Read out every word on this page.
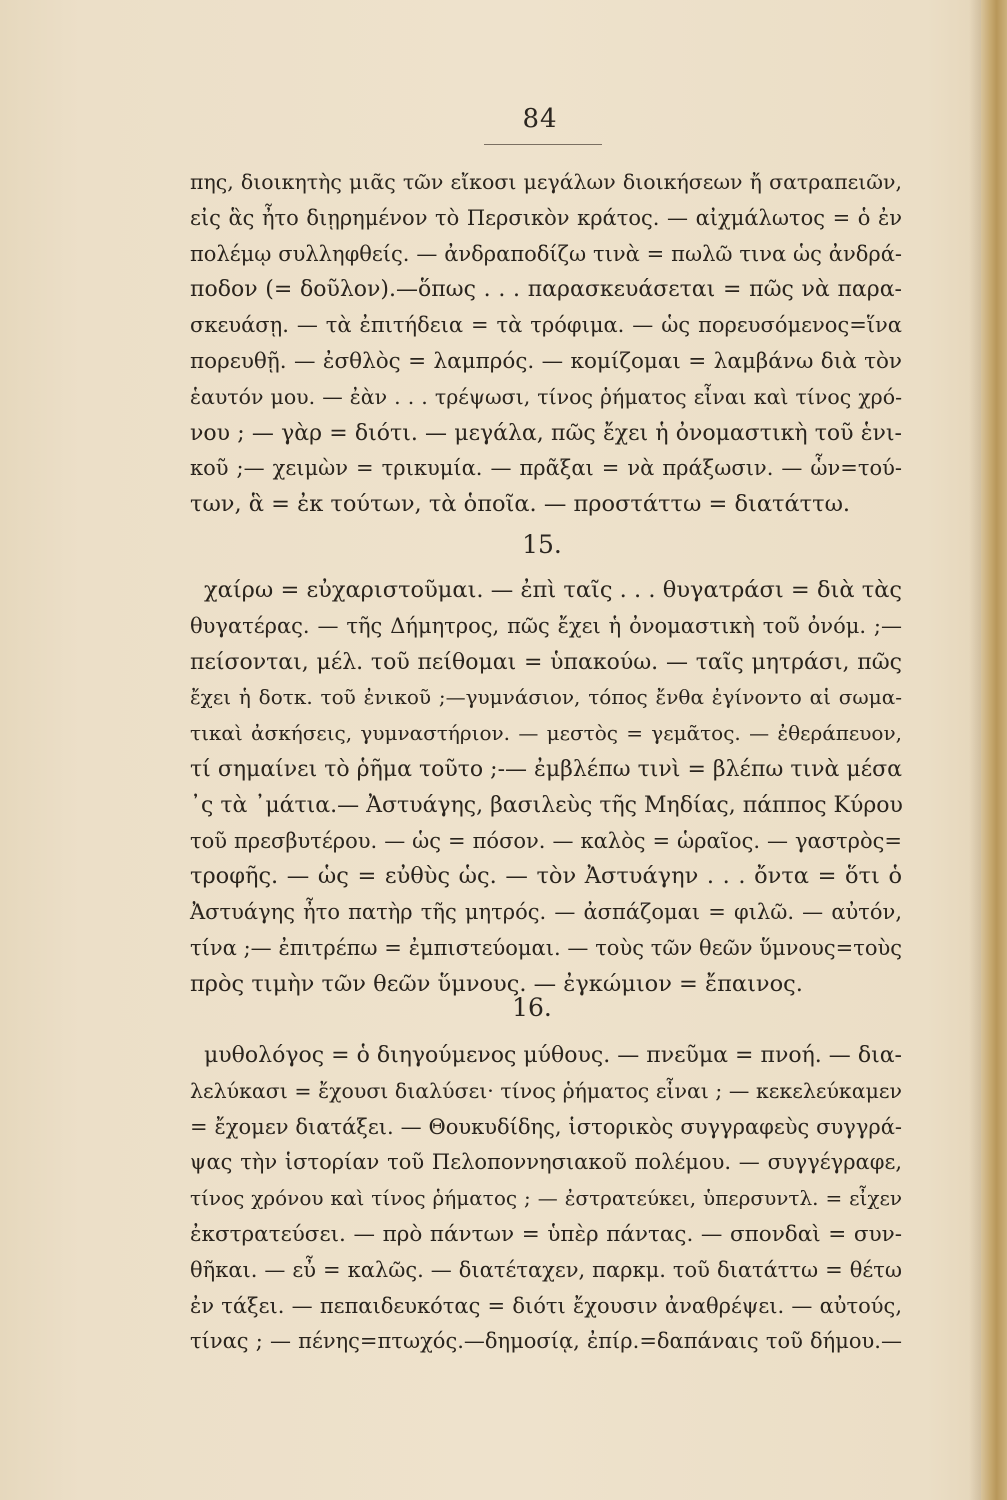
84
πης, διοικητὴς μιᾶς τῶν εἴκοσι μεγάλων διοικήσεων ἤ σατραπειῶν,
εἰς ἃς ἦτο διῃρημένον τὸ Περσικὸν κράτος. — αἰχμάλωτος = ὁ ἐν
πολέμῳ συλληφθείς. — ἀνδραποδίζω τινὰ = πωλῶ τινα ὡς ἀνδρά-
ποδον (= δοῦλον).—ὅπως . . . παρασκευάσεται = πῶς νὰ παρα-
σκευάσῃ. — τὰ ἐπιτήδεια = τὰ τρόφιμα. — ὡς πορευσόμενος=ἵνα
πορευθῇ. — ἐσθλὸς = λαμπρός. — κομίζομαι = λαμβάνω διὰ τὸν
ἑαυτόν μου. — ἐὰν . . . τρέψωσι, τίνος ῥήματος εἶναι καὶ τίνος χρό-
νου ; — γὰρ = διότι. — μεγάλα, πῶς ἔχει ἡ ὀνομαστικὴ τοῦ ἑνι-
κοῦ ;— χειμὼν = τρικυμία. — πρᾶξαι = νὰ πράξωσιν. — ὧν=τού-
των, ἃ = ἐκ τούτων, τὰ ὁποῖα. — προστάττω = διατάττω.
15.
χαίρω = εὐχαριστοῦμαι. — ἐπὶ ταῖς . . . θυγατράσι = διὰ τὰς
θυγατέρας. — τῆς Δήμητρος, πῶς ἔχει ἡ ὀνομαστικὴ τοῦ ὀνόμ. ;—
πείσονται, μέλ. τοῦ πείθομαι = ὑπακούω. — ταῖς μητράσι, πῶς
ἔχει ἡ δοτκ. τοῦ ἐνικοῦ ;—γυμνάσιον, τόπος ἔνθα ἐγίνοντο αἱ σωμα-
τικαὶ ἀσκήσεις, γυμναστήριον. — μεστὸς = γεμᾶτος. — ἐθεράπευον,
τί σημαίνει τὸ ῥῆμα τοῦτο ;-— ἐμβλέπω τινὶ = βλέπω τινὰ μέσα
᾽ς τὰ ᾽μάτια.— Ἀστυάγης, βασιλεὺς τῆς Μηδίας, πάππος Κύρου
τοῦ πρεσβυτέρου. — ὡς = πόσον. — καλὸς = ὡραῖος. — γαστρὸς=
τροφῆς. — ὡς = εὐθὺς ὡς. — τὸν Ἀστυάγην . . . ὄντα = ὅτι ὁ
Ἀστυάγης ἦτο πατὴρ τῆς μητρός. — ἀσπάζομαι = φιλῶ. — αὐτόν,
τίνα ;— ἐπιτρέπω = ἐμπιστεύομαι. — τοὺς τῶν θεῶν ὕμνους=τοὺς
πρὸς τιμὴν τῶν θεῶν ὕμνους. — ἐγκώμιον = ἔπαινος.
16.
μυθολόγος = ὁ διηγούμενος μύθους. — πνεῦμα = πνοή. — δια-
λελύκασι = ἔχουσι διαλύσει· τίνος ῥήματος εἶναι ; — κεκελεύκαμεν
= ἔχομεν διατάξει. — Θουκυδίδης, ἱστορικὸς συγγραφεὺς συγγρά-
ψας τὴν ἱστορίαν τοῦ Πελοποννησιακοῦ πολέμου. — συγγέγραφε,
τίνος χρόνου καὶ τίνος ῥήματος ; — ἐστρατεύκει, ὑπερσυντλ. = εἶχεν
ἐκστρατεύσει. — πρὸ πάντων = ὑπὲρ πάντας. — σπονδαὶ = συν-
θῆκαι. — εὖ = καλῶς. — διατέταχεν, παρκμ. τοῦ διατάττω = θέτω
ἐν τάξει. — πεπαιδευκότας = διότι ἔχουσιν ἀναθρέψει. — αὐτούς,
τίνας ; — πένης=πτωχός.—δημοσίᾳ, ἐπίρ.=δαπάναις τοῦ δήμου.—
